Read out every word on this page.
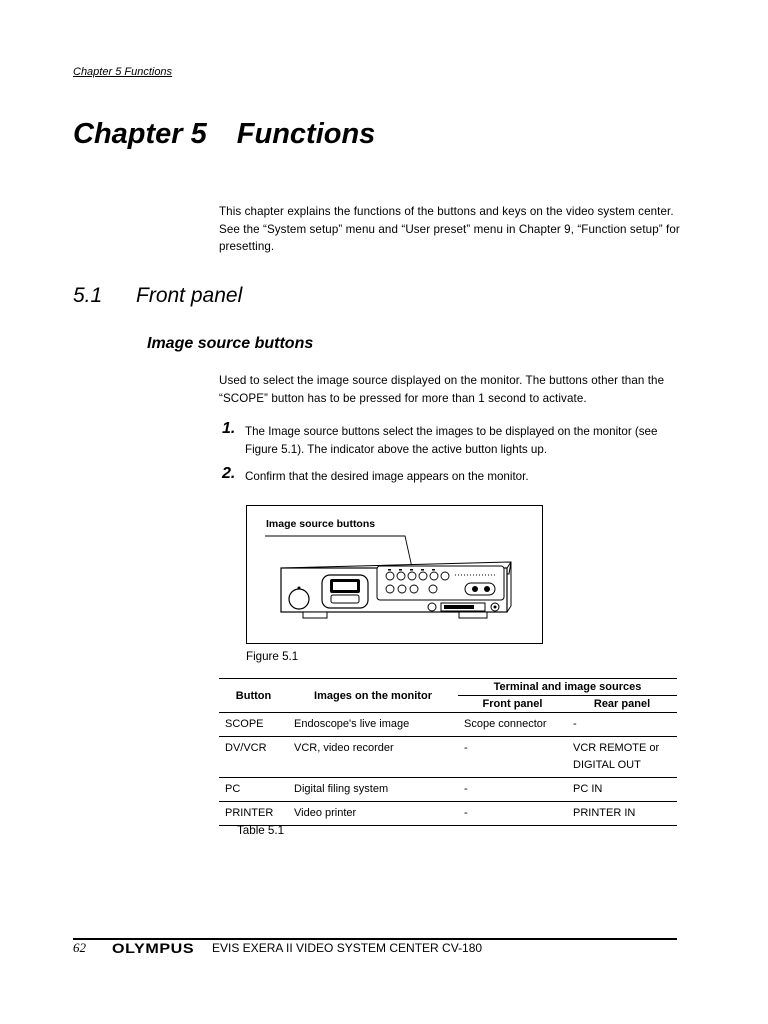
Chapter 5 Functions
Chapter 5 Functions
This chapter explains the functions of the buttons and keys on the video system center. See the “System setup” menu and “User preset” menu in Chapter 9, “Function setup” for presetting.
5.1 Front panel
Image source buttons
Used to select the image source displayed on the monitor. The buttons other than the “SCOPE” button has to be pressed for more than 1 second to activate.
1. The Image source buttons select the images to be displayed on the monitor (see Figure 5.1). The indicator above the active button lights up.
2. Confirm that the desired image appears on the monitor.
Image source buttons
Figure 5.1
Button	Images on the monitor	Terminal and image sources	
		Front panel	Rear panel
SCOPE	Endoscope's live image	Scope connector	-
DV/VCR	VCR, video recorder	-	VCR REMOTE or DIGITAL OUT
PC	Digital filing system	-	PC IN
PRINTER	Video printer	-	PRINTER IN
Table 5.1
62 OLYMPUS EVIS EXERA II VIDEO SYSTEM CENTER CV-180
